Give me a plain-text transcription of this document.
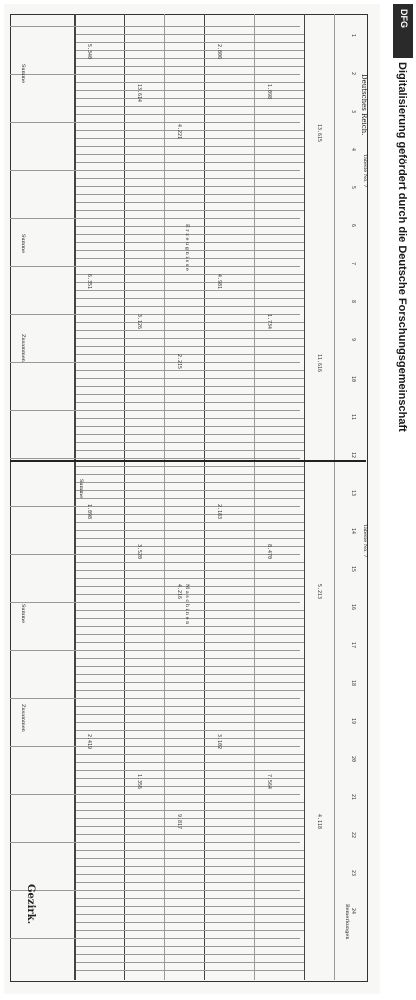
1
2
3
4
5
6
7
8
9
10
11
12
13
14
15
16
17
18
19
20
21
22
23
24
5.340
13.614
4.221
2.806
1.098
13.615
6.351
3.126
2.215
4.981
1.734
11.616
1.098
3.520
4.216
2.183
8.470
5.213
2.419
1.356
9.817
3.102
7.564
4.118
Deutsches Reich.
Tabelle No. 7
Tabelle No. 7
M a s c h i n e n
E r z e u g n i s s e
Summe
Bemerkungen
Gezirk.
Zusammen
Summe
Zusammen
Summe
Summe
DFG
Digitalisierung gefördert durch die Deutsche Forschungsgemeinschaft
